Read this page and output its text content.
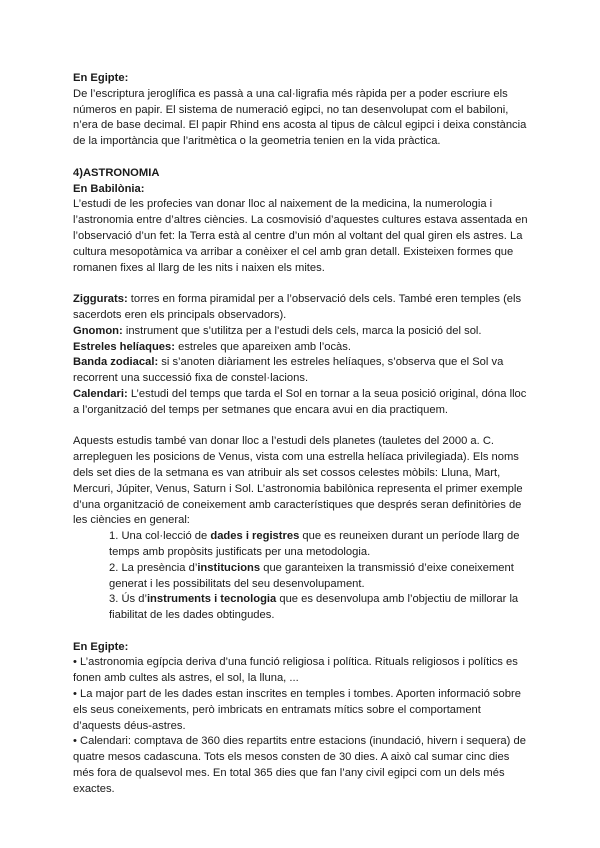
En Egipte:

De l’escriptura jeroglífica es passà a una cal·ligrafia més ràpida per a poder escriure els números en papir. El sistema de numeració egipci, no tan desenvolupat com el babiloni, n’era de base decimal. El papir Rhind ens acosta al tipus de càlcul egipci i deixa constància de la importància que l’aritmètica o la geometria tenien en la vida pràctica.

4)ASTRONOMIA

En Babilònia:

L’estudi de les profecies van donar lloc al naixement de la medicina, la numerologia i l’astronomia entre d’altres ciències. La cosmovisió d’aquestes cultures estava assentada en l’observació d’un fet: la Terra està al centre d’un món al voltant del qual giren els astres. La cultura mesopotàmica va arribar a conèixer el cel amb gran detall. Existeixen formes que romanen fixes al llarg de les nits i naixen els mites.

Ziggurats: torres en forma piramidal per a l’observació dels cels. També eren temples (els sacerdots eren els principals observadors).

Gnomon: instrument que s’utilitza per a l’estudi dels cels, marca la posició del sol.

Estreles helíaques: estreles que apareixen amb l’ocàs.

Banda zodiacal: si s’anoten diàriament les estreles helíaques, s’observa que el Sol va recorrent una successió fixa de constel·lacions.

Calendari: L’estudi del temps que tarda el Sol en tornar a la seua posició original, dóna lloc a l’organització del temps per setmanes que encara avui en dia practiquem.

Aquests estudis també van donar lloc a l’estudi dels planetes (tauletes del 2000 a. C. arrepleguen les posicions de Venus, vista com una estrella helíaca privilegiada). Els noms dels set dies de la setmana es van atribuir als set cossos celestes mòbils: Lluna, Mart, Mercuri, Júpiter, Venus, Saturn i Sol. L’astronomia babilònica representa el primer exemple d’una organització de coneixement amb característiques que després seran definitòries de les ciències en general:

1. Una col·lecció de dades i registres que es reuneixen durant un període llarg de temps amb propòsits justificats per una metodologia.
2. La presència d’institucions que garanteixen la transmissió d’eixe coneixement generat i les possibilitats del seu desenvolupament.
3. Ús d’instruments i tecnologia que es desenvolupa amb l’objectiu de millorar la fiabilitat de les dades obtingudes.

En Egipte:

• L’astronomia egípcia deriva d’una funció religiosa i política. Rituals religiosos i polítics es fonen amb cultes als astres, el sol, la lluna, ...

• La major part de les dades estan inscrites en temples i tombes. Aporten informació sobre els seus coneixements, però imbricats en entramats mítics sobre el comportament d’aquests déus-astres.

• Calendari: comptava de 360 dies repartits entre estacions (inundació, hivern i sequera) de quatre mesos cadascuna. Tots els mesos consten de 30 dies. A això cal sumar cinc dies més fora de qualsevol mes. En total 365 dies que fan l’any civil egipci com un dels més exactes.
